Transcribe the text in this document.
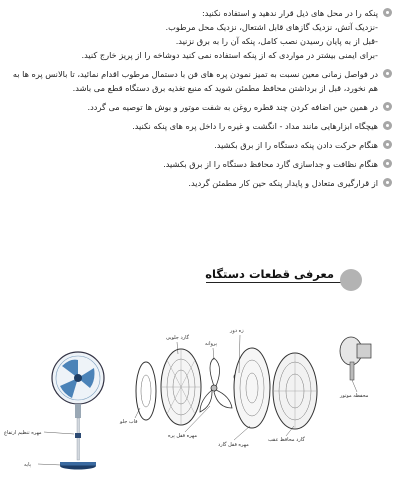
پنکه را در محل های ذیل قرار ندهید و استفاده نکنید:
-نزدیک آتش، نزدیک گازهای قابل اشتعال، نزدیک محل مرطوب.
-قبل از به پایان رسیدن نصب کامل، پنکه آن را به برق نزنید.
-برای ایمنی بیشتر در مواردی که از پنکه استفاده نمی کنید دوشاخه را از پریز خارج کنید.
در فواصل زمانی معین نسبت به تمیز نمودن پره های فن با دستمال مرطوب اقدام نمائید، تا بالانس پره ها به هم نخورد، قبل از برداشتن محافظ مطمئن شوید که منبع تغذیه برق دستگاه قطع می باشد.
در همین حین اضافه کردن چند قطره روغن به شفت موتور و بوش ها توصیه می گردد.
هیچگاه ابزارهایی مانند مداد - انگشت و غیره را داخل پره های پنکه نکنید.
هنگام حرکت دادن پنکه دستگاه را از برق بکشید.
هنگام نظافت و جداسازی گارد محافظ دستگاه را از برق بکشید.
از قرارگیری متعادل و پایدار پنکه حین کار مطمئن گردید.
معرفی قطعات دستگاه
مهره تنظیم ارتفاع
پایه
قاب جلو
گارد جلویی
پروانه
مهره قفل پره
زه دور
مهره قفل گارد
گارد محافظ عقب
محفظه موتور
